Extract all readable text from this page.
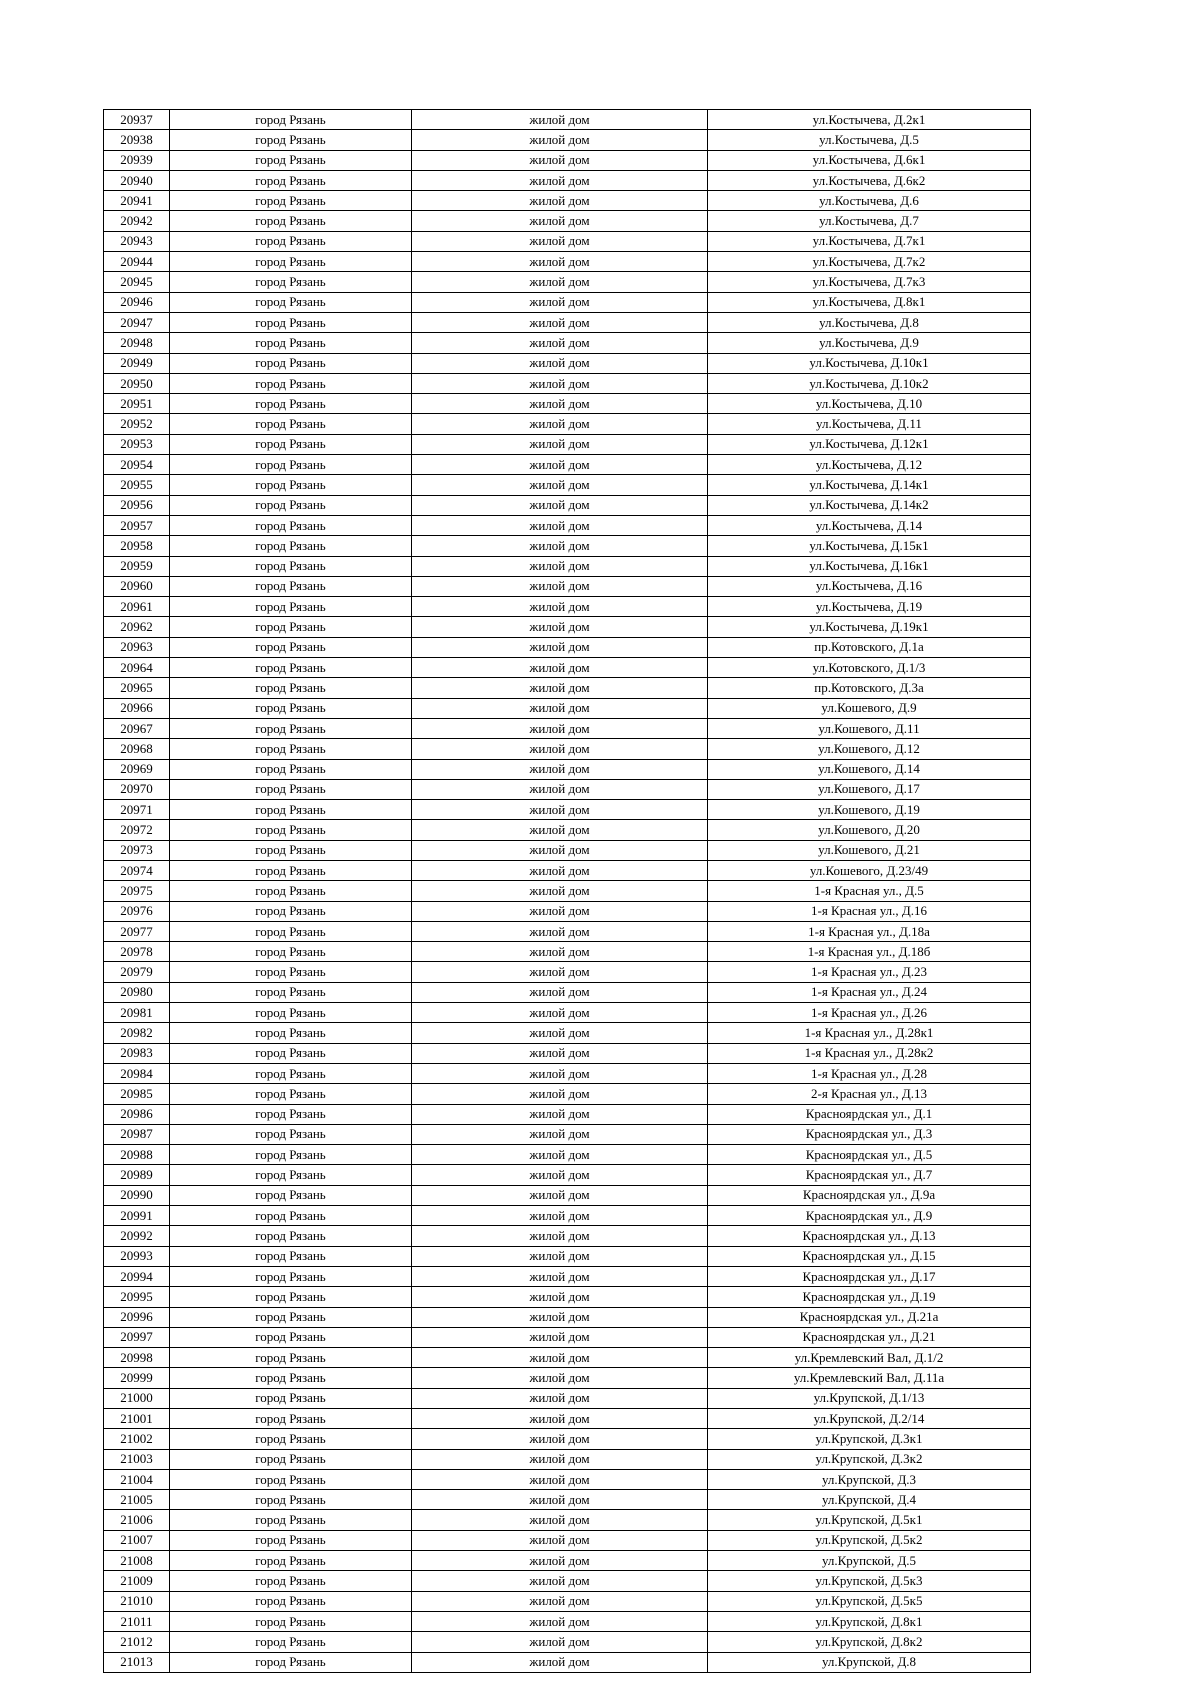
20937	город Рязань	жилой дом	ул.Костычева, Д.2к1
20938	город Рязань	жилой дом	ул.Костычева, Д.5
20939	город Рязань	жилой дом	ул.Костычева, Д.6к1
20940	город Рязань	жилой дом	ул.Костычева, Д.6к2
20941	город Рязань	жилой дом	ул.Костычева, Д.6
20942	город Рязань	жилой дом	ул.Костычева, Д.7
20943	город Рязань	жилой дом	ул.Костычева, Д.7к1
20944	город Рязань	жилой дом	ул.Костычева, Д.7к2
20945	город Рязань	жилой дом	ул.Костычева, Д.7к3
20946	город Рязань	жилой дом	ул.Костычева, Д.8к1
20947	город Рязань	жилой дом	ул.Костычева, Д.8
20948	город Рязань	жилой дом	ул.Костычева, Д.9
20949	город Рязань	жилой дом	ул.Костычева, Д.10к1
20950	город Рязань	жилой дом	ул.Костычева, Д.10к2
20951	город Рязань	жилой дом	ул.Костычева, Д.10
20952	город Рязань	жилой дом	ул.Костычева, Д.11
20953	город Рязань	жилой дом	ул.Костычева, Д.12к1
20954	город Рязань	жилой дом	ул.Костычева, Д.12
20955	город Рязань	жилой дом	ул.Костычева, Д.14к1
20956	город Рязань	жилой дом	ул.Костычева, Д.14к2
20957	город Рязань	жилой дом	ул.Костычева, Д.14
20958	город Рязань	жилой дом	ул.Костычева, Д.15к1
20959	город Рязань	жилой дом	ул.Костычева, Д.16к1
20960	город Рязань	жилой дом	ул.Костычева, Д.16
20961	город Рязань	жилой дом	ул.Костычева, Д.19
20962	город Рязань	жилой дом	ул.Костычева, Д.19к1
20963	город Рязань	жилой дом	пр.Котовского, Д.1а
20964	город Рязань	жилой дом	ул.Котовского, Д.1/3
20965	город Рязань	жилой дом	пр.Котовского, Д.3а
20966	город Рязань	жилой дом	ул.Кошевого, Д.9
20967	город Рязань	жилой дом	ул.Кошевого, Д.11
20968	город Рязань	жилой дом	ул.Кошевого, Д.12
20969	город Рязань	жилой дом	ул.Кошевого, Д.14
20970	город Рязань	жилой дом	ул.Кошевого, Д.17
20971	город Рязань	жилой дом	ул.Кошевого, Д.19
20972	город Рязань	жилой дом	ул.Кошевого, Д.20
20973	город Рязань	жилой дом	ул.Кошевого, Д.21
20974	город Рязань	жилой дом	ул.Кошевого, Д.23/49
20975	город Рязань	жилой дом	1-я Красная ул., Д.5
20976	город Рязань	жилой дом	1-я Красная ул., Д.16
20977	город Рязань	жилой дом	1-я Красная ул., Д.18а
20978	город Рязань	жилой дом	1-я Красная ул., Д.18б
20979	город Рязань	жилой дом	1-я Красная ул., Д.23
20980	город Рязань	жилой дом	1-я Красная ул., Д.24
20981	город Рязань	жилой дом	1-я Красная ул., Д.26
20982	город Рязань	жилой дом	1-я Красная ул., Д.28к1
20983	город Рязань	жилой дом	1-я Красная ул., Д.28к2
20984	город Рязань	жилой дом	1-я Красная ул., Д.28
20985	город Рязань	жилой дом	2-я Красная ул., Д.13
20986	город Рязань	жилой дом	Красноярдская ул., Д.1
20987	город Рязань	жилой дом	Красноярдская ул., Д.3
20988	город Рязань	жилой дом	Красноярдская ул., Д.5
20989	город Рязань	жилой дом	Красноярдская ул., Д.7
20990	город Рязань	жилой дом	Красноярдская ул., Д.9а
20991	город Рязань	жилой дом	Красноярдская ул., Д.9
20992	город Рязань	жилой дом	Красноярдская ул., Д.13
20993	город Рязань	жилой дом	Красноярдская ул., Д.15
20994	город Рязань	жилой дом	Красноярдская ул., Д.17
20995	город Рязань	жилой дом	Красноярдская ул., Д.19
20996	город Рязань	жилой дом	Красноярдская ул., Д.21а
20997	город Рязань	жилой дом	Красноярдская ул., Д.21
20998	город Рязань	жилой дом	ул.Кремлевский Вал, Д.1/2
20999	город Рязань	жилой дом	ул.Кремлевский Вал, Д.11а
21000	город Рязань	жилой дом	ул.Крупской, Д.1/13
21001	город Рязань	жилой дом	ул.Крупской, Д.2/14
21002	город Рязань	жилой дом	ул.Крупской, Д.3к1
21003	город Рязань	жилой дом	ул.Крупской, Д.3к2
21004	город Рязань	жилой дом	ул.Крупской, Д.3
21005	город Рязань	жилой дом	ул.Крупской, Д.4
21006	город Рязань	жилой дом	ул.Крупской, Д.5к1
21007	город Рязань	жилой дом	ул.Крупской, Д.5к2
21008	город Рязань	жилой дом	ул.Крупской, Д.5
21009	город Рязань	жилой дом	ул.Крупской, Д.5к3
21010	город Рязань	жилой дом	ул.Крупской, Д.5к5
21011	город Рязань	жилой дом	ул.Крупской, Д.8к1
21012	город Рязань	жилой дом	ул.Крупской, Д.8к2
21013	город Рязань	жилой дом	ул.Крупской, Д.8
